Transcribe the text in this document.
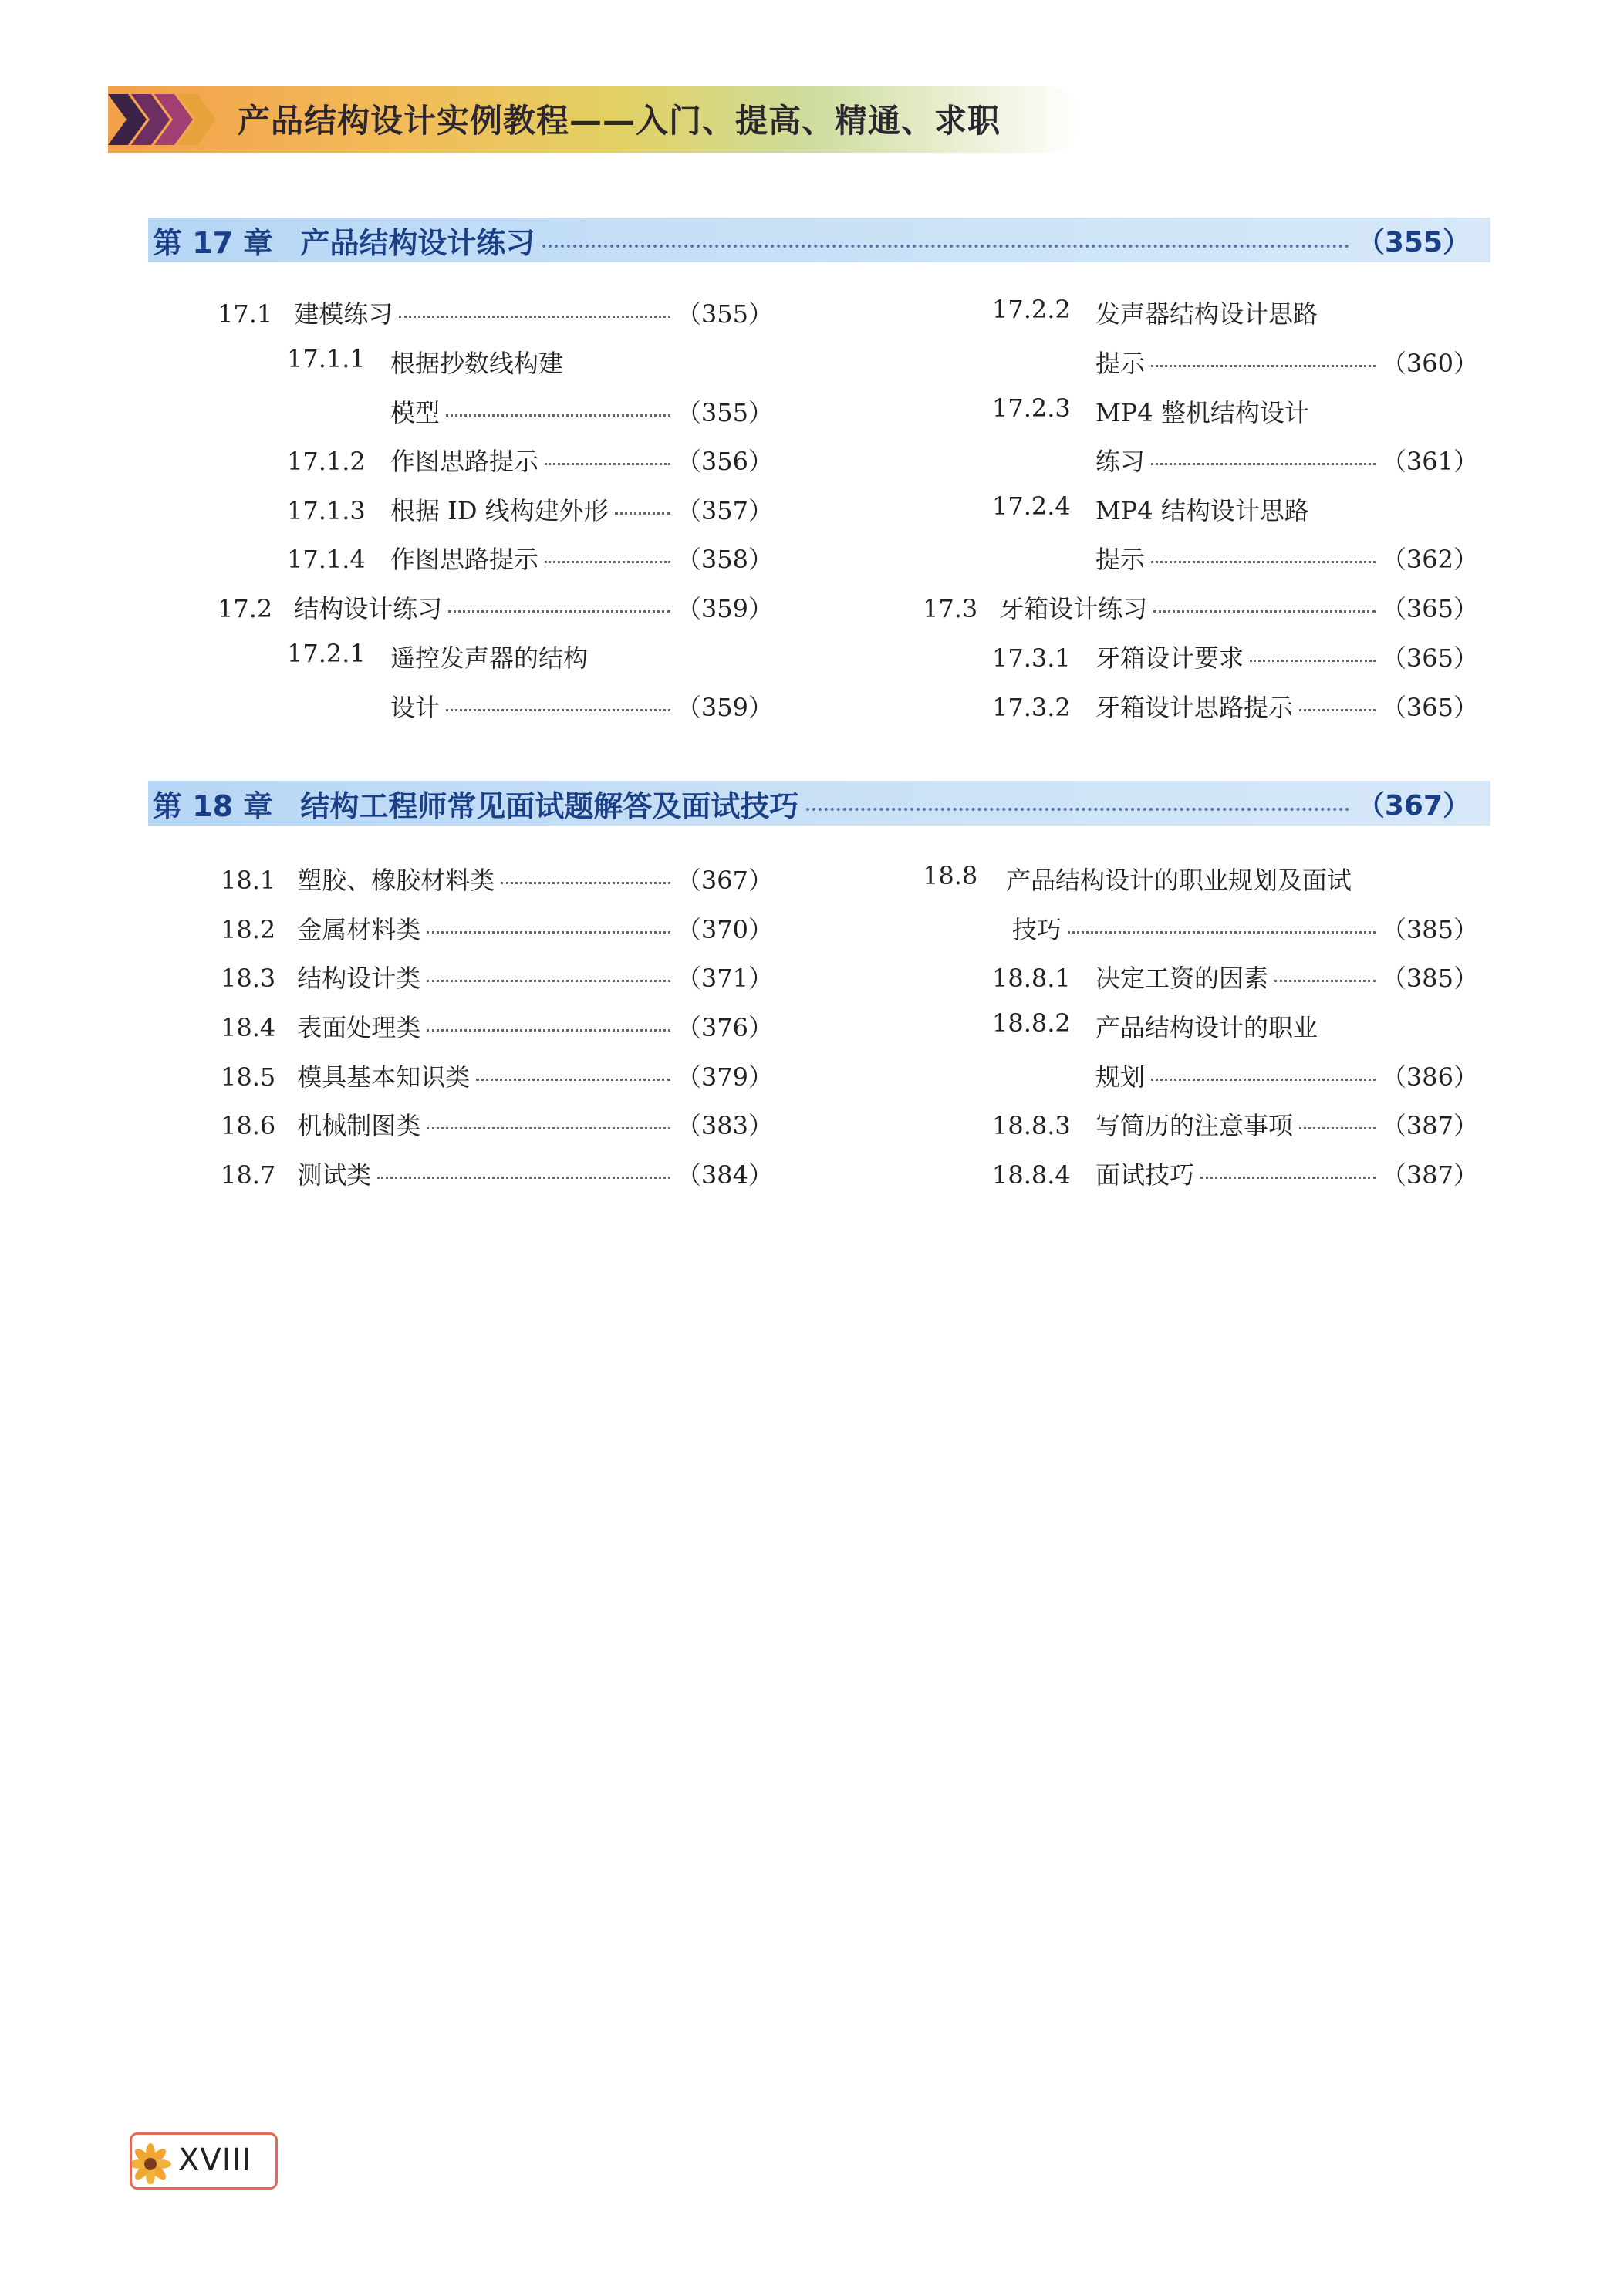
产品结构设计实例教程——入门、提高、精通、求职
第 17 章 产品结构设计练习	（355）
17.1 建模练习	（355）
17.1.1 根据抄数线构建
模型	（355）
17.1.2	作图思路提示	（356）
17.1.3	根据 ID 线构建外形	（357）
17.1.4	作图思路提示	（358）
17.2 结构设计练习	（359）
17.2.1 遥控发声器的结构
设计	（359）
17.2.2 发声器结构设计思路
提示	（360）
17.2.3 MP4 整机结构设计
练习	（361）
17.2.4 MP4 结构设计思路
提示	（362）
17.3 牙箱设计练习	（365）
17.3.1	牙箱设计要求	（365）
17.3.2	牙箱设计思路提示	（365）
第 18 章 结构工程师常见面试题解答及面试技巧	（367）
18.1 塑胶、橡胶材料类	（367）
18.2 金属材料类	（370）
18.3 结构设计类	（371）
18.4 表面处理类	（376）
18.5 模具基本知识类	（379）
18.6 机械制图类	（383）
18.7 测试类	（384）
18.8 产品结构设计的职业规划及面试
技巧	（385）
18.8.1	决定工资的因素	（385）
18.8.2 产品结构设计的职业
规划	（386）
18.8.3	写简历的注意事项	（387）
18.8.4	面试技巧	（387）
XVIII
